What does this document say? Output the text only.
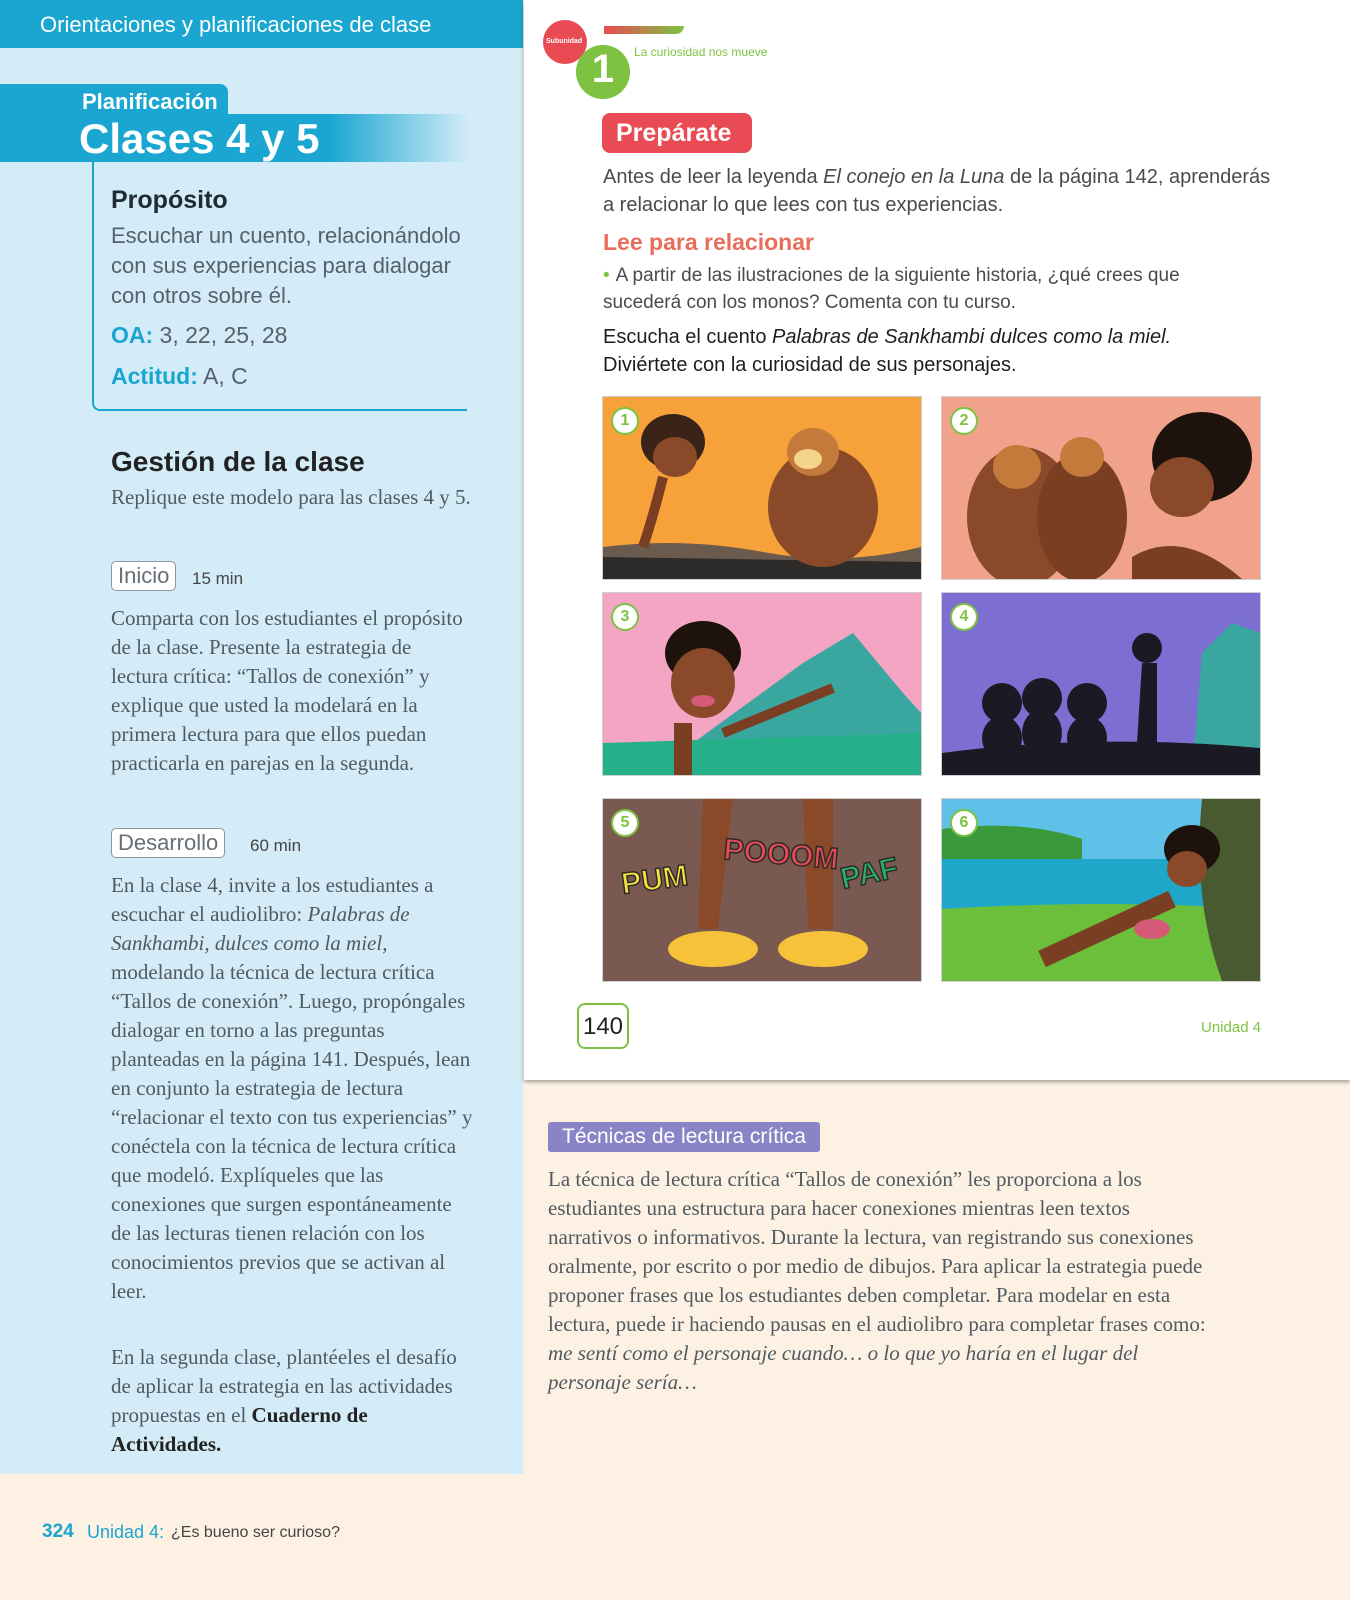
Orientaciones y planificaciones de clase
Planificación
Clases 4 y 5
Propósito
Escuchar un cuento, relacionándolo con sus experiencias para dialogar con otros sobre él.
OA: 3, 22, 25, 28
Actitud: A, C
Gestión de la clase
Replique este modelo para las clases 4 y 5.
Inicio	15 min
Comparta con los estudiantes el propósito de la clase. Presente la estrategia de lectura crítica: “Tallos de conexión” y explique que usted la modelará en la primera lectura para que ellos puedan practicarla en parejas en la segunda.
Desarrollo	60 min
En la clase 4, invite a los estudiantes a escuchar el audiolibro: Palabras de Sankhambi, dulces como la miel, modelando la técnica de lectura crítica “Tallos de conexión”. Luego, propóngales dialogar en torno a las preguntas planteadas en la página 141. Después, lean en conjunto la estrategia de lectura “relacionar el texto con tus experiencias” y conéctela con la técnica de lectura crítica que modeló. Explíqueles que las conexiones que surgen espontáneamente de las lecturas tienen relación con los conocimientos previos que se activan al leer.
En la segunda clase, plantéeles el desafío de aplicar la estrategia en las actividades propuestas en el Cuaderno de Actividades.
324 Unidad 4: ¿Es bueno ser curioso?
Subunidad
1	La curiosidad nos mueve
Prepárate
Antes de leer la leyenda El conejo en la Luna de la página 142, aprenderás a relacionar lo que lees con tus experiencias.
Lee para relacionar
• A partir de las ilustraciones de la siguiente historia, ¿qué crees que sucederá con los monos? Comenta con tu curso.
Escucha el cuento Palabras de Sankhambi dulces como la miel.
Diviértete con la curiosidad de sus personajes.
1	2
3	4
PUM
POOOM
PAF
5	6
140	Unidad 4
Técnicas de lectura crítica
La técnica de lectura crítica “Tallos de conexión” les proporciona a los estudiantes una estructura para hacer conexiones mientras leen textos narrativos o informativos. Durante la lectura, van registrando sus conexiones oralmente, por escrito o por medio de dibujos. Para aplicar la estrategia puede proponer frases que los estudiantes deben completar. Para modelar en esta lectura, puede ir haciendo pausas en el audiolibro para completar frases como: me sentí como el personaje cuando… o lo que yo haría en el lugar del personaje sería…
